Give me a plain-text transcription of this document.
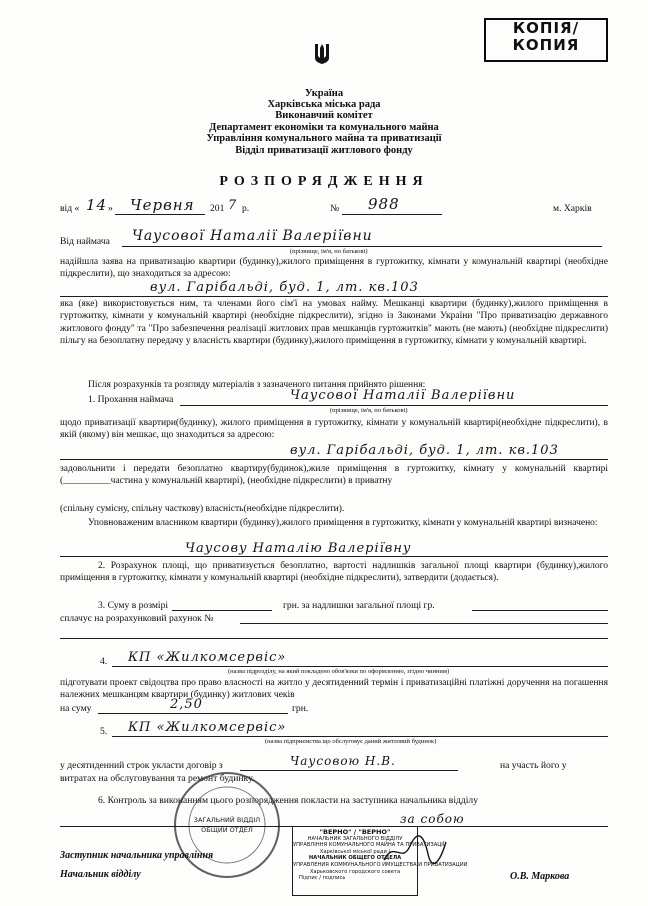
КОПІЯ/
КОПИЯ
Україна
Харківська міська рада
Виконавчий комітет
Департамент економіки та комунального майна
Управління комунального майна та приватизації
Відділ приватизації житлового фонду
РОЗПОРЯДЖЕННЯ
від « 14 » Червня 201 7 р.	№ 988	м. Харків
Від наймача Чаусової Наталії Валеріївни
(прізвище, ім'я, по батькові)
надійшла заява на приватизацію квартири (будинку),жилого приміщення в гуртожитку, кімнати у комунальній квартирі (необхідне підкреслити), що знаходиться за адресою:
вул. Гарібальді, буд. 1, лт. кв.103
яка (яке) використовується ним, та членами його сім'ї на умовах найму. Мешканці квартири (будинку),жилого приміщення в гуртожитку, кімнати у комунальній квартирі (необхідне підкреслити), згідно із Законами України "Про приватизацію державного житлового фонду" та "Про забезпечення реалізації житлових прав мешканців гуртожитків" мають (не мають) (необхідне підкреслити) пільгу на безоплатну передачу у власність квартири (будинку),жилого приміщення в гуртожитку, кімнати у комунальній квартирі.
Після розрахунків та розгляду матеріалів з зазначеного питання прийнято рішення:
1. Прохання наймача	Чаусової Наталії Валеріївни
(прізвище, ім'я, по батькові)
щодо приватизації квартири(будинку), жилого приміщення в гуртожитку, кімнати у комунальній квартирі(необхідне підкреслити), в якій (якому) він мешкає, що знаходиться за адресою:
вул. Гарібальді, буд. 1, лт. кв.103
задовольнити і передати безоплатно квартиру(будинок),жиле приміщення в гуртожитку, кімнату у комунальній квартирі (__________частина у комунальній квартирі), (необхідне підкреслити) в приватну
(спільну сумісну, спільну часткову) власність(необхідне підкреслити).
Уповноваженим власником квартири (будинку),жилого приміщення в гуртожитку, кімнати у комунальній квартирі визначено:
Чаусову Наталію Валеріївну
2. Розрахунок площі, що приватизується безоплатно, вартості надлишків загальної площі квартири (будинку),жилого приміщення в гуртожитку, кімнати у комунальній квартирі (необхідне підкреслити), затвердити (додається).
3. Суму в розмірі	грн. за надлишки загальної площі гр.
сплачує на розрахунковий рахунок №
4. КП «Жилкомсервіс»
(назва підрозділу, на який покладено обов'язки по оформленню, згідно чинним)
підготувати проект свідоцтва про право власності на житло у десятиденний термін і приватизаційні платіжні доручення на погашення належних мешканцям квартири (будинку) житлових чеків
на суму	2,50	грн.
5. КП «Жилкомсервіс»
(назва підприємства що обслуговує даний житловий будинок)
у десятиденний строк укласти договір з	Чаусовою Н.В.	на участь його у
витратах на обслуговування та ремонт будинку.
6. Контроль за виконанням цього розпорядження покласти на заступника начальника відділу
за собою
ЗАГАЛЬНИЙ ВІДДІЛ
ОБЩИЙ ОТДЕЛ	"ВЕРНО" / "ВЕРНО"
НАЧАЛЬНИК ЗАГАЛЬНОГО ВІДДІЛУ
УПРАВЛІННЯ КОМУНАЛЬНОГО МАЙНА ТА ПРИВАТИЗАЦІЇ
Харківської міської ради /
НАЧАЛЬНИК ОБЩЕГО ОТДЕЛА
УПРАВЛЕНИЯ КОММУНАЛЬНОГО ИМУЩЕСТВА И ПРИВАТИЗАЦИИ
Харьковского городского совета
Підпис / подпись
Заступник начальника управління
Начальник відділу	О.В. Маркова
